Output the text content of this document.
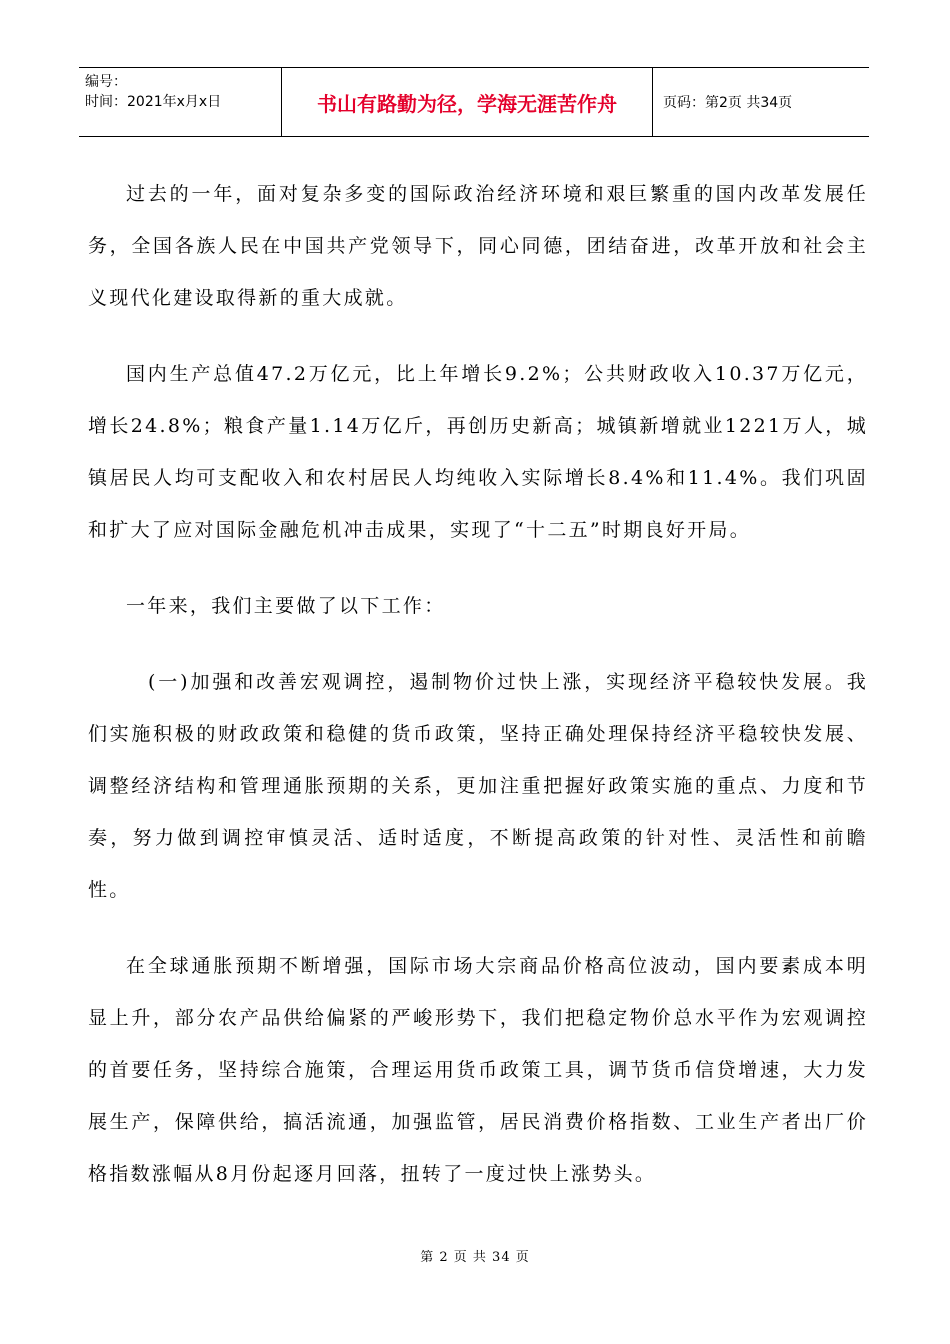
编号：
时间：2021年x月x日	书山有路勤为径，学海无涯苦作舟	页码：第2页 共34页

过去的一年，面对复杂多变的国际政治经济环境和艰巨繁重的国内改革发展任务，全国各族人民在中国共产党领导下，同心同德，团结奋进，改革开放和社会主义现代化建设取得新的重大成就。

国内生产总值47.2万亿元，比上年增长9.2%；公共财政收入10.37万亿元，增长24.8%；粮食产量1.14万亿斤，再创历史新高；城镇新增就业1221万人，城镇居民人均可支配收入和农村居民人均纯收入实际增长8.4%和11.4%。我们巩固和扩大了应对国际金融危机冲击成果，实现了“十二五”时期良好开局。

一年来，我们主要做了以下工作：

(一)加强和改善宏观调控，遏制物价过快上涨，实现经济平稳较快发展。我们实施积极的财政政策和稳健的货币政策，坚持正确处理保持经济平稳较快发展、调整经济结构和管理通胀预期的关系，更加注重把握好政策实施的重点、力度和节奏，努力做到调控审慎灵活、适时适度，不断提高政策的针对性、灵活性和前瞻性。

在全球通胀预期不断增强，国际市场大宗商品价格高位波动，国内要素成本明显上升，部分农产品供给偏紧的严峻形势下，我们把稳定物价总水平作为宏观调控的首要任务，坚持综合施策，合理运用货币政策工具，调节货币信贷增速，大力发展生产，保障供给，搞活流通，加强监管，居民消费价格指数、工业生产者出厂价格指数涨幅从8月份起逐月回落，扭转了一度过快上涨势头。

第 2 页 共 34 页
